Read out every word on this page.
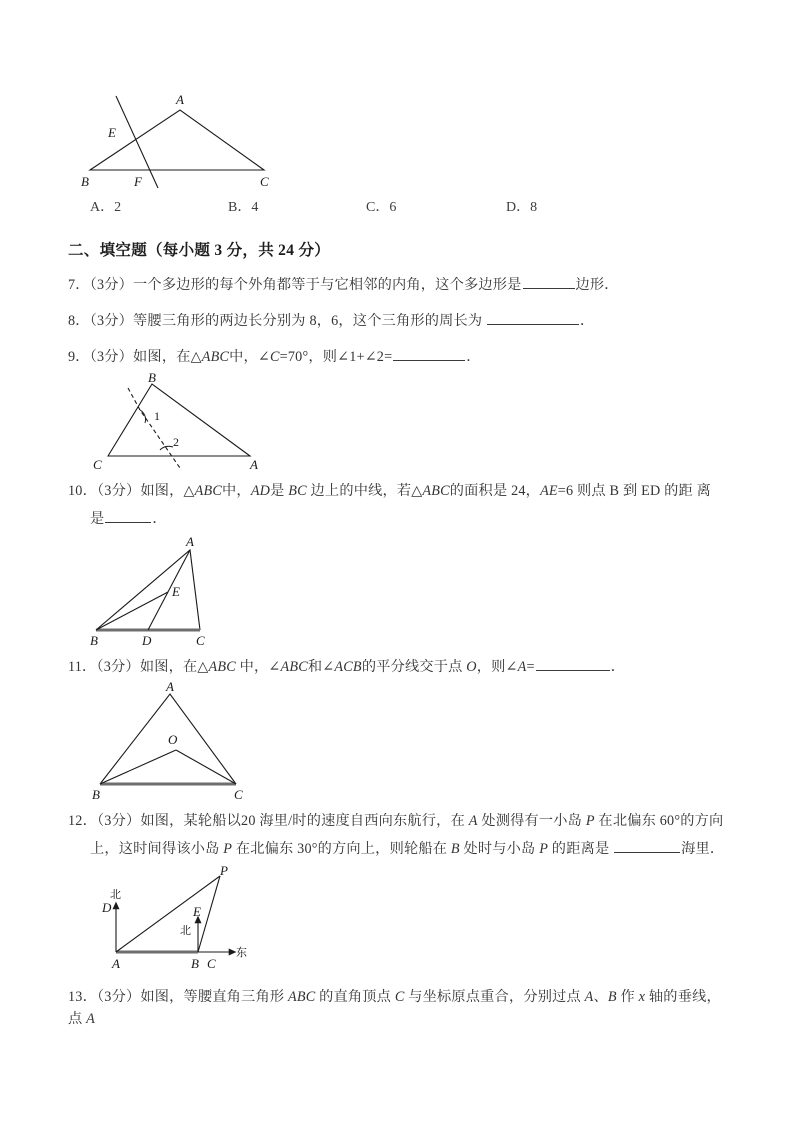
A
B	C
E
F
A．2	B．4	C．6	D．8

二、填空题（每小题 3 分，共 24 分）

7．（3分）一个多边形的每个外角都等于与它相邻的内角，这个多边形是	边形．

8．（3分）等腰三角形的两边长分别为 8，6，这个三角形的周长为	．

9．（3分）如图，在△ABC中，∠C=70°，则∠1+∠2=	．

B
C	A
1
2

10．（3分）如图，△ABC中，AD是 BC 边上的中线，若△ABC的面积是 24，AE=6 则点 B 到 ED 的距 离

是	．

A
B	D	C
E

11．（3分）如图，在△ABC 中，∠ABC和∠ACB的平分线交于点 O，则∠A=	．

A
B	C
O

12．（3分）如图，某轮船以20 海里/时的速度自西向东航行，在 A 处测得有一小岛 P 在北偏东 60°的方向

上，这时间得该小岛 P 在北偏东 30°的方向上，则轮船在 B 处时与小岛 P 的距离是	海里．

P
A	B C
D	E
北
北
东

13．（3分）如图，等腰直角三角形 ABC 的直角顶点 C 与坐标原点重合，分别过点 A、B 作 x 轴的垂线，点 A
